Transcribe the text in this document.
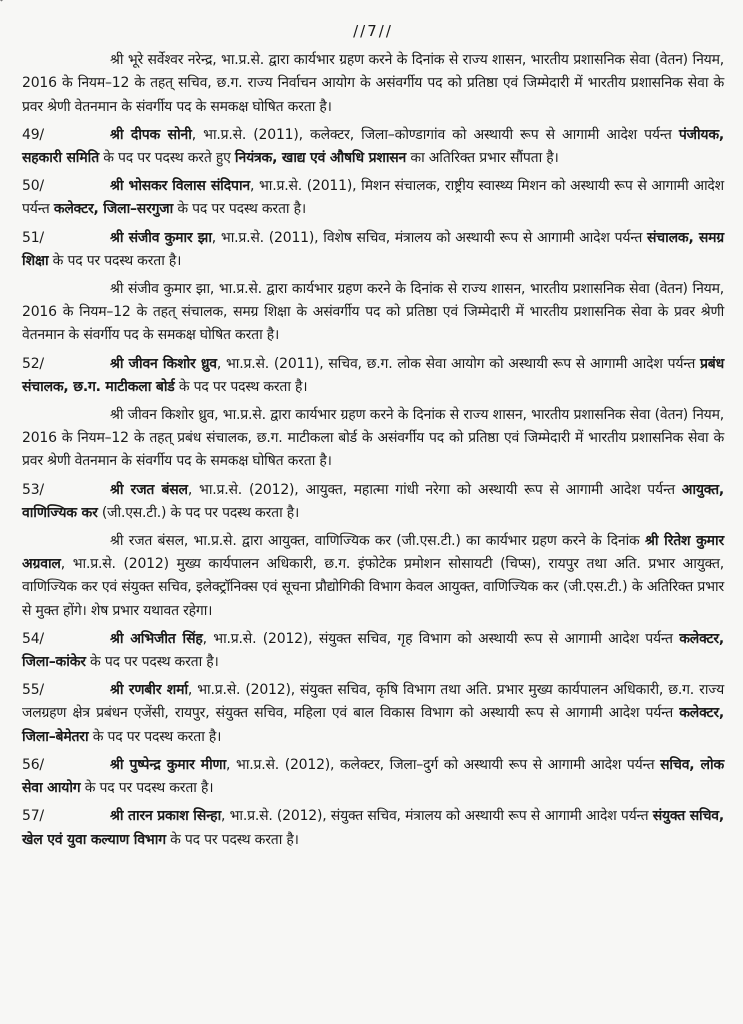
//7//
श्री भूरे सर्वेश्वर नरेन्द्र, भा.प्र.से. द्वारा कार्यभार ग्रहण करने के दिनांक से राज्य शासन, भारतीय प्रशासनिक सेवा (वेतन) नियम, 2016 के नियम–12 के तहत् सचिव, छ.ग. राज्य निर्वाचन आयोग के असंवर्गीय पद को प्रतिष्ठा एवं जिम्मेदारी में भारतीय प्रशासनिक सेवा के प्रवर श्रेणी वेतनमान के संवर्गीय पद के समकक्ष घोषित करता है।
49/	श्री दीपक सोनी, भा.प्र.से. (2011), कलेक्टर, जिला–कोण्डागांव को अस्थायी रूप से आगामी आदेश पर्यन्त पंजीयक, सहकारी समिति के पद पर पदस्थ करते हुए नियंत्रक, खाद्य एवं औषधि प्रशासन का अतिरिक्त प्रभार सौंपता है।
50/	श्री भोसकर विलास संदिपान, भा.प्र.से. (2011), मिशन संचालक, राष्ट्रीय स्वास्थ्य मिशन को अस्थायी रूप से आगामी आदेश पर्यन्त कलेक्टर, जिला–सरगुजा के पद पर पदस्थ करता है।
51/	श्री संजीव कुमार झा, भा.प्र.से. (2011), विशेष सचिव, मंत्रालय को अस्थायी रूप से आगामी आदेश पर्यन्त संचालक, समग्र शिक्षा के पद पर पदस्थ करता है।
श्री संजीव कुमार झा, भा.प्र.से. द्वारा कार्यभार ग्रहण करने के दिनांक से राज्य शासन, भारतीय प्रशासनिक सेवा (वेतन) नियम, 2016 के नियम–12 के तहत् संचालक, समग्र शिक्षा के असंवर्गीय पद को प्रतिष्ठा एवं जिम्मेदारी में भारतीय प्रशासनिक सेवा के प्रवर श्रेणी वेतनमान के संवर्गीय पद के समकक्ष घोषित करता है।
52/	श्री जीवन किशोर ध्रुव, भा.प्र.से. (2011), सचिव, छ.ग. लोक सेवा आयोग को अस्थायी रूप से आगामी आदेश पर्यन्त प्रबंध संचालक, छ.ग. माटीकला बोर्ड के पद पर पदस्थ करता है।
श्री जीवन किशोर ध्रुव, भा.प्र.से. द्वारा कार्यभार ग्रहण करने के दिनांक से राज्य शासन, भारतीय प्रशासनिक सेवा (वेतन) नियम, 2016 के नियम–12 के तहत् प्रबंध संचालक, छ.ग. माटीकला बोर्ड के असंवर्गीय पद को प्रतिष्ठा एवं जिम्मेदारी में भारतीय प्रशासनिक सेवा के प्रवर श्रेणी वेतनमान के संवर्गीय पद के समकक्ष घोषित करता है।
53/	श्री रजत बंसल, भा.प्र.से. (2012), आयुक्त, महात्मा गांधी नरेगा को अस्थायी रूप से आगामी आदेश पर्यन्त आयुक्त, वाणिज्यिक कर (जी.एस.टी.) के पद पर पदस्थ करता है।
श्री रजत बंसल, भा.प्र.से. द्वारा आयुक्त, वाणिज्यिक कर (जी.एस.टी.) का कार्यभार ग्रहण करने के दिनांक श्री रितेश कुमार अग्रवाल, भा.प्र.से. (2012) मुख्य कार्यपालन अधिकारी, छ.ग. इंफोटेक प्रमोशन सोसायटी (चिप्स), रायपुर तथा अति. प्रभार आयुक्त, वाणिज्यिक कर एवं संयुक्त सचिव, इलेक्ट्रॉनिक्स एवं सूचना प्रौद्योगिकी विभाग केवल आयुक्त, वाणिज्यिक कर (जी.एस.टी.) के अतिरिक्त प्रभार से मुक्त होंगे। शेष प्रभार यथावत रहेगा।
54/	श्री अभिजीत सिंह, भा.प्र.से. (2012), संयुक्त सचिव, गृह विभाग को अस्थायी रूप से आगामी आदेश पर्यन्त कलेक्टर, जिला–कांकेर के पद पर पदस्थ करता है।
55/	श्री रणबीर शर्मा, भा.प्र.से. (2012), संयुक्त सचिव, कृषि विभाग तथा अति. प्रभार मुख्य कार्यपालन अधिकारी, छ.ग. राज्य जलग्रहण क्षेत्र प्रबंधन एजेंसी, रायपुर, संयुक्त सचिव, महिला एवं बाल विकास विभाग को अस्थायी रूप से आगामी आदेश पर्यन्त कलेक्टर, जिला–बेमेतरा के पद पर पदस्थ करता है।
56/	श्री पुष्पेन्द्र कुमार मीणा, भा.प्र.से. (2012), कलेक्टर, जिला–दुर्ग को अस्थायी रूप से आगामी आदेश पर्यन्त सचिव, लोक सेवा आयोग के पद पर पदस्थ करता है।
57/	श्री तारन प्रकाश सिन्हा, भा.प्र.से. (2012), संयुक्त सचिव, मंत्रालय को अस्थायी रूप से आगामी आदेश पर्यन्त संयुक्त सचिव, खेल एवं युवा कल्याण विभाग के पद पर पदस्थ करता है।
